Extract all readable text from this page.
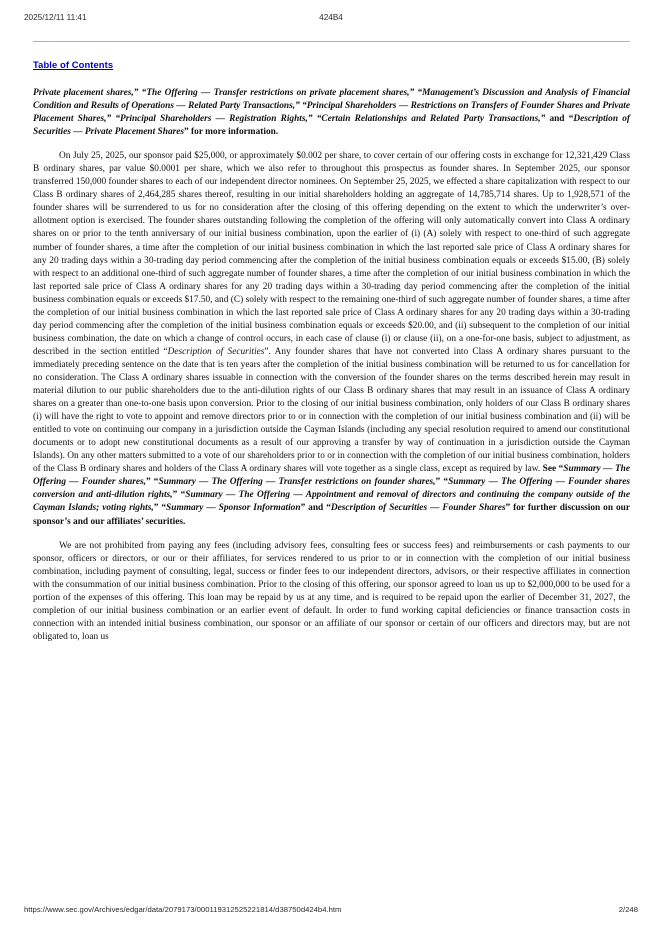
2025/12/11 11:41	424B4
Table of Contents

Private placement shares,” “The Offering — Transfer restrictions on private placement shares,” “Management’s Discussion and Analysis of Financial Condition and Results of Operations — Related Party Transactions,” “Principal Shareholders — Restrictions on Transfers of Founder Shares and Private Placement Shares,” “Principal Shareholders — Registration Rights,” “Certain Relationships and Related Party Transactions,” and “Description of Securities — Private Placement Shares” for more information.

On July 25, 2025, our sponsor paid $25,000, or approximately $0.002 per share, to cover certain of our offering costs in exchange for 12,321,429 Class B ordinary shares, par value $0.0001 per share, which we also refer to throughout this prospectus as founder shares. In September 2025, our sponsor transferred 150,000 founder shares to each of our independent director nominees. On September 25, 2025, we effected a share capitalization with respect to our Class B ordinary shares of 2,464,285 shares thereof, resulting in our initial shareholders holding an aggregate of 14,785,714 shares. Up to 1,928,571 of the founder shares will be surrendered to us for no consideration after the closing of this offering depending on the extent to which the underwriter’s over-allotment option is exercised. The founder shares outstanding following the completion of the offering will only automatically convert into Class A ordinary shares on or prior to the tenth anniversary of our initial business combination, upon the earlier of (i) (A) solely with respect to one-third of such aggregate number of founder shares, a time after the completion of our initial business combination in which the last reported sale price of Class A ordinary shares for any 20 trading days within a 30-trading day period commencing after the completion of the initial business combination equals or exceeds $15.00, (B) solely with respect to an additional one-third of such aggregate number of founder shares, a time after the completion of our initial business combination in which the last reported sale price of Class A ordinary shares for any 20 trading days within a 30-trading day period commencing after the completion of the initial business combination equals or exceeds $17.50, and (C) solely with respect to the remaining one-third of such aggregate number of founder shares, a time after the completion of our initial business combination in which the last reported sale price of Class A ordinary shares for any 20 trading days within a 30-trading day period commencing after the completion of the initial business combination equals or exceeds $20.00, and (ii) subsequent to the completion of our initial business combination, the date on which a change of control occurs, in each case of clause (i) or clause (ii), on a one-for-one basis, subject to adjustment, as described in the section entitled “Description of Securities”. Any founder shares that have not converted into Class A ordinary shares pursuant to the immediately preceding sentence on the date that is ten years after the completion of the initial business combination will be returned to us for cancellation for no consideration. The Class A ordinary shares issuable in connection with the conversion of the founder shares on the terms described herein may result in material dilution to our public shareholders due to the anti-dilution rights of our Class B ordinary shares that may result in an issuance of Class A ordinary shares on a greater than one-to-one basis upon conversion. Prior to the closing of our initial business combination, only holders of our Class B ordinary shares (i) will have the right to vote to appoint and remove directors prior to or in connection with the completion of our initial business combination and (ii) will be entitled to vote on continuing our company in a jurisdiction outside the Cayman Islands (including any special resolution required to amend our constitutional documents or to adopt new constitutional documents as a result of our approving a transfer by way of continuation in a jurisdiction outside the Cayman Islands). On any other matters submitted to a vote of our shareholders prior to or in connection with the completion of our initial business combination, holders of the Class B ordinary shares and holders of the Class A ordinary shares will vote together as a single class, except as required by law. See “Summary — The Offering — Founder shares,” “Summary — The Offering — Transfer restrictions on founder shares,” “Summary — The Offering — Founder shares conversion and anti-dilution rights,” “Summary — The Offering — Appointment and removal of directors and continuing the company outside of the Cayman Islands; voting rights,” “Summary — Sponsor Information” and “Description of Securities — Founder Shares” for further discussion on our sponsor’s and our affiliates’ securities.

We are not prohibited from paying any fees (including advisory fees, consulting fees or success fees) and reimbursements or cash payments to our sponsor, officers or directors, or our or their affiliates, for services rendered to us prior to or in connection with the completion of our initial business combination, including payment of consulting, legal, success or finder fees to our independent directors, advisors, or their respective affiliates in connection with the consummation of our initial business combination. Prior to the closing of this offering, our sponsor agreed to loan us up to $2,000,000 to be used for a portion of the expenses of this offering. This loan may be repaid by us at any time, and is required to be repaid upon the earlier of December 31, 2027, the completion of our initial business combination or an earlier event of default. In order to fund working capital deficiencies or finance transaction costs in connection with an intended initial business combination, our sponsor or an affiliate of our sponsor or certain of our officers and directors may, but are not obligated to, loan us

https://www.sec.gov/Archives/edgar/data/2079173/000119312525221814/d38750d424b4.htm	2/248
